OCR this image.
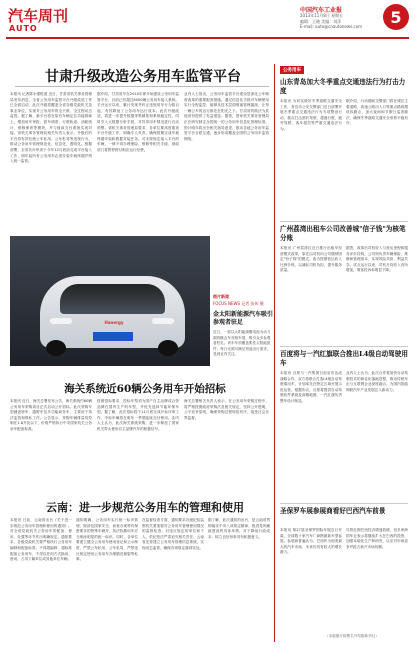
汽车周刊
AUTO
中国汽车工业报
2013年11月8日 星期五
编辑：王晓 美编：刘萍
E-mail: auto@cnautonews.com	5
甘肃升级改造公务用车监管平台
本报讯 记者陈永强报道 近日，甘肃省机关事务管理局发布消息，全省公务用车监管平台升级改造工作已全面启动，此次升级将覆盖全省各级党政机关及事业单位，实现对公务用车的全天候、全过程动态监管。据了解，新平台将在原有车辆定位功能基础上，增加用车审批、派车调度、行驶轨迹、油耗统计、维修保养等模块，并与财政支付系统实现对接。省机关事务管理局相关负责人表示，升级后的平台将有效杜绝公车私用、公车私驾等违规行为，推动公务用车管理规范化、信息化、透明化。根据部署，全省各市州须于今年12月底前完成平台接入工作，明年起所有公务用车必须安装车载终端并纳入统一监管。
据介绍，甘肃省早在2010年即开始建设公务用车监管平台，目前已有超过8000辆公务用车接入系统。平台运行以来，累计发现并纠正违规用车行为数百起，有效降低了公务用车运行成本。此次升级改造，将进一步提升数据采集精度和系统稳定性，同时引入大数据分析手段，对异常用车情况进行自动预警。省机关事务管理局要求，各单位要高度重视平台升级工作，明确专人负责，确保按期完成车载终端安装和数据对接任务。对未按规定接入平台的车辆，一律不得办理保险、维修等相关手续，财政部门将暂停拨付相应运行经费。
业内人士指出，公务用车监管平台建设是深化公车制度改革的重要配套措施。通过信息化手段对车辆使用实行全程监控，能够从技术层面堵塞管理漏洞，让每一辆公车的运行都处在阳光之下。甘肃省的做法为其他省份提供了有益借鉴。据悉，国家机关事务管理局正在研究制定全国统一的公务用车信息化管理标准，预计明年将出台相关指导意见，推动各地公务用车监管平台互联互通，逐步形成覆盖全国的公务用车监管网络。
Hanergy
图片新闻
FOCUS NEWS 记者 张伟 摄
金太阳新能源汽车吸引参观者驻足
近日，一款以太阳能薄膜电池为动力源的概念车亮相车展，吸引众多参观者驻足。该车车顶覆盖柔性太阳能组件，每日光照可满足短途出行需求，受到业内关注。
海关系统近60辆公务用车开始招标
本报讯 近日，海关总署发布公告，海关系统约60辆公务用车采购项目正式启动公开招标。此次采购车型涵盖轿车、越野车及多功能商务车，主要用于执法监管和缉私工作。公告显示，采购车辆排量均控制在1.8升及以下，价格严格执行中央国家机关公务用车配备标准。
按照招标要求，投标车型须为国产自主品牌或合资品牌在国内生产的车型，并优先选择节能环保车型。据了解，此次招标将于11月底完成开标评审工作，中标车辆将在明年一季度陆续交付使用。业内人士认为，此次海关系统采购，进一步释放了国家机关带头使用自主品牌汽车的积极信号。
海关总署相关负责人表示，在公务用车采购过程中，将严格按照政府采购法及相关规定，坚持公开透明、公平竞争原则，确保采购过程规范有序，接受社会各界监督。
云南：进一步规范公务用车的管理和使用
本报讯 日前，云南省出台《关于进一步规范公务用车管理和使用的通知》，对全省党政机关公务用车的配备、使用、处置等环节作出明确规定。通知要求，各级党政机关要严格执行公务用车编制和配备标准，不得超编制、超标准配备公务用车，不得以任何方式换用、借用、占用下属单位或其他单位车辆。
通知明确，公务用车实行统一标识管理，除涉及国家安全、侦查办案等有保密要求的特殊车辆外，执法执勤用车应当喷涂明显的统一标识。同时，各单位要建立健全公务用车使用登记和公示制度，严禁公车私用、公车私驾，严禁违反规定使用公务用车办理婚丧嫁娶等私事。
在监督检查方面，通知要求各级纪检监察机关要加强对公务用车管理使用情况的监督检查，对违反规定的单位和个人，依纪依法严肃追究相关责任。云南省还将建立公务用车管理信息系统，实现动态监管，确保各项规定落到实处。
据了解，此次通知的出台，是云南省贯彻落实中央八项规定精神、推进党风廉政建设的具体举措，对于降低行政成本、树立良好形象具有积极意义。
公务用车
山东青岛加大冬季重点交通违法行为打击力度
本报讯 为切实做好冬季道路交通安全工作，青岛市公安交警部门近日部署开展冬季重点交通违法行为专项整治行动，重点打击酒后驾驶、超速行驶、疲劳驾驶、客车超员等严重交通违法行为。
据介绍，行动期间交警部门将在城区主要道路、高速公路出入口等重点路段增设执勤点，加大夜间和节假日巡查频次，确保冬季道路交通安全形势平稳有序。
广州荔湾出租车公司改善城"信子钱"为核笔分账
本报讯 广州荔湾区近日推行出租车经营模式改革，原先由司机向公司缴纳固定"份子钱"的模式，改为按照营运收入比例分账，以减轻司机负担，提升服务质量。
据悉，改革后司机收入与营运里程和服务评价挂钩，公司则负责车辆保险、维修和管理成本，实现风险共担、利益共享。试点运行以来，司机月均收入有所增加，乘客投诉率明显下降。
百度将与一汽红旗联合推出L4级自动驾驶用车
本报讯 百度与一汽集团日前宣布达成战略合作，双方将联合打造L4级自动驾驶乘用车，计划率先在特定区域开展示范运营。根据协议，百度将提供自动驾驶软件系统及高精地图，一汽红旗负责整车设计制造。
业内人士认为，此次合作将加快自动驾驶技术的商业化落地进程，推动传统车企与互联网企业深度融合，为国内智能网联汽车产业发展注入新动力。
圣保罗车展参展商看好巴西汽车前景
本报讯 第27届圣保罗国际车展近日开幕，全球数十家汽车厂商携最新车型参展。参展商普遍认为，巴西作为南美最大的汽车市场，未来仍具有较大的增长潜力。
尽管近期巴西经济增速放缓，但多家跨国车企表示将继续扩大在巴西的投资，加强本地化生产和研发，以应对市场竞争并抢占新兴市场份额。
（本版图片除署名外均据新华社）
